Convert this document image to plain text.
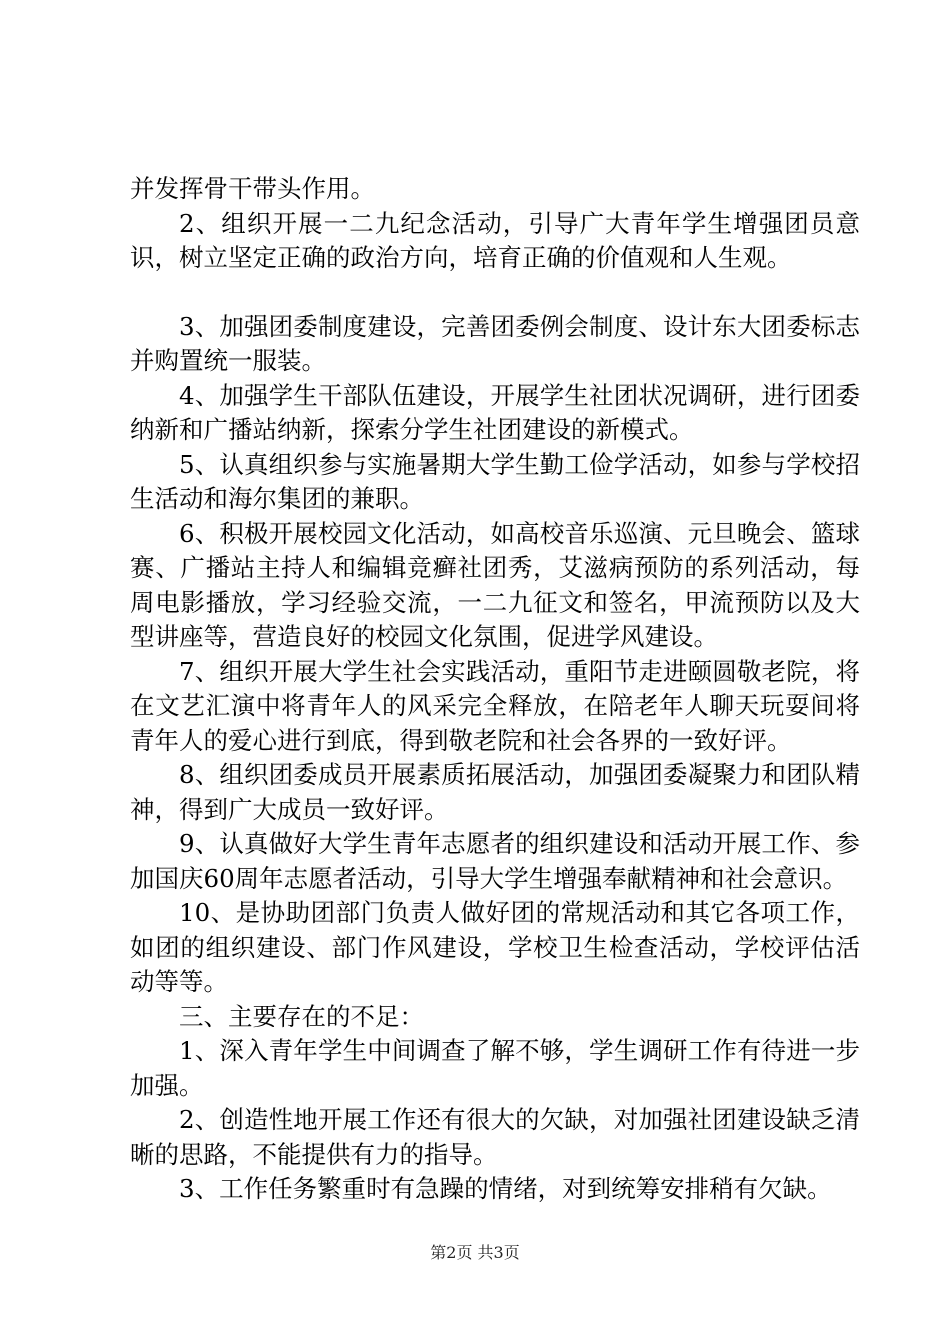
并发挥骨干带头作用。

2、组织开展一二九纪念活动，引导广大青年学生增强团员意识，树立坚定正确的政治方向，培育正确的价值观和人生观。

3、加强团委制度建设，完善团委例会制度、设计东大团委标志并购置统一服装。

4、加强学生干部队伍建设，开展学生社团状况调研，进行团委纳新和广播站纳新，探索分学生社团建设的新模式。

5、认真组织参与实施暑期大学生勤工俭学活动，如参与学校招生活动和海尔集团的兼职。

6、积极开展校园文化活动，如高校音乐巡演、元旦晚会、篮球赛、广播站主持人和编辑竞癣社团秀，艾滋病预防的系列活动，每周电影播放，学习经验交流，一二九征文和签名，甲流预防以及大型讲座等，营造良好的校园文化氛围，促进学风建设。

7、组织开展大学生社会实践活动，重阳节走进颐圆敬老院，将在文艺汇演中将青年人的风采完全释放，在陪老年人聊天玩耍间将青年人的爱心进行到底，得到敬老院和社会各界的一致好评。

8、组织团委成员开展素质拓展活动，加强团委凝聚力和团队精神，得到广大成员一致好评。

9、认真做好大学生青年志愿者的组织建设和活动开展工作、参加国庆60周年志愿者活动，引导大学生增强奉献精神和社会意识。

10、是协助团部门负责人做好团的常规活动和其它各项工作，如团的组织建设、部门作风建设，学校卫生检查活动，学校评估活动等等。

三、主要存在的不足：

1、深入青年学生中间调查了解不够，学生调研工作有待进一步加强。

2、创造性地开展工作还有很大的欠缺，对加强社团建设缺乏清晰的思路，不能提供有力的指导。

3、工作任务繁重时有急躁的情绪，对到统筹安排稍有欠缺。

第2页 共3页
